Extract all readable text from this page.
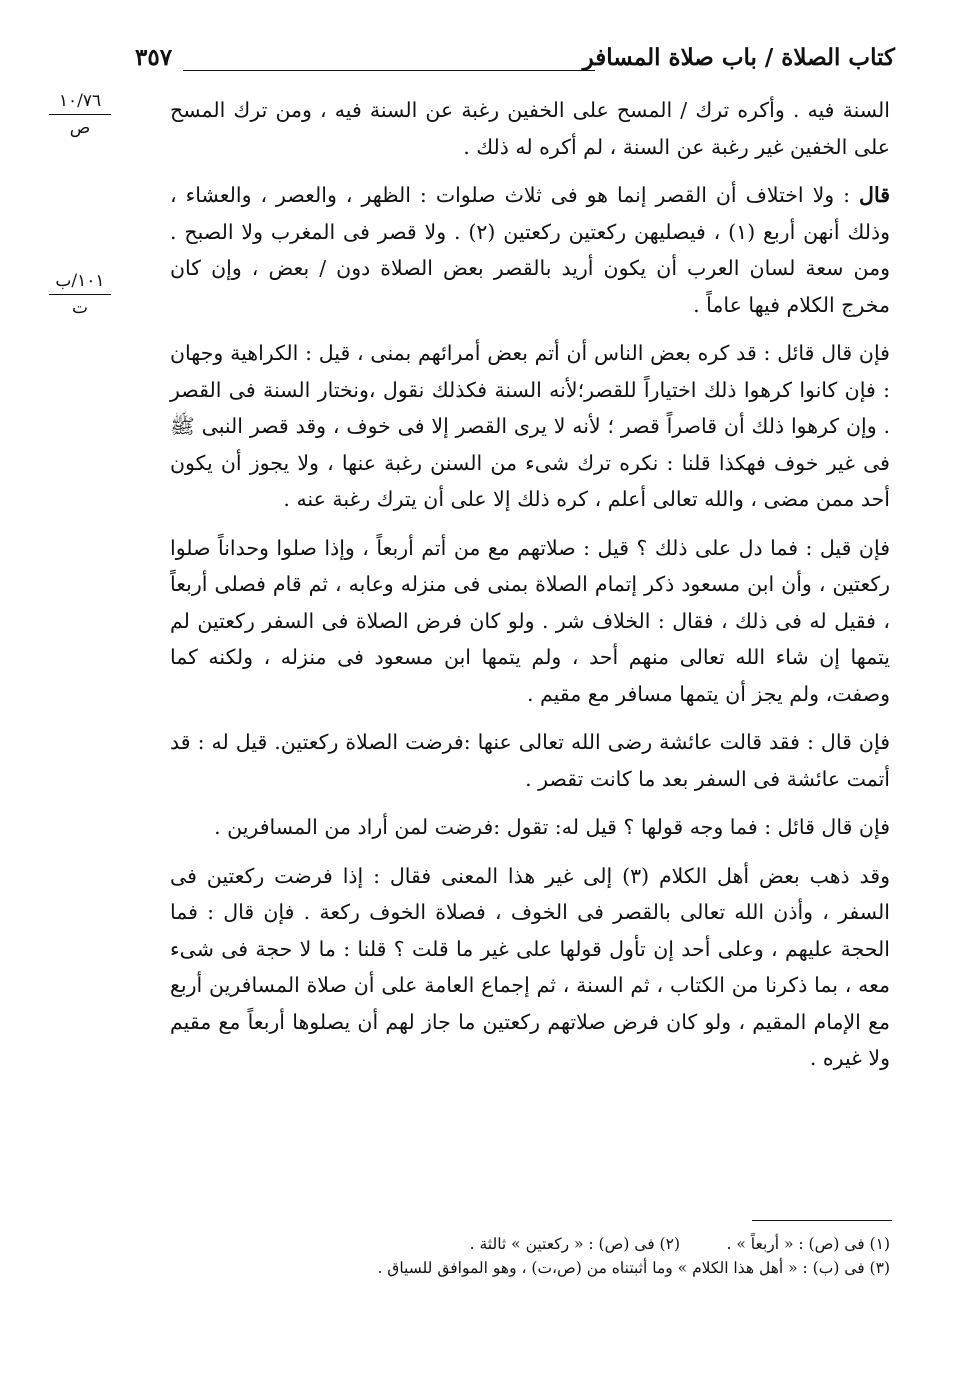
٣٥٧	كتاب الصلاة / باب صلاة المسافر
١٠/٧٦
ص
١٠١/ب
ت

السنة فيه . وأكره ترك / المسح على الخفين رغبة عن السنة فيه ، ومن ترك المسح على الخفين غير رغبة عن السنة ، لم أكره له ذلك .

قال : ولا اختلاف أن القصر إنما هو فى ثلاث صلوات : الظهر ، والعصر ، والعشاء ، وذلك أنهن أربع (١) ، فيصليهن ركعتين ركعتين (٢) . ولا قصر فى المغرب ولا الصبح . ومن سعة لسان العرب أن يكون أريد بالقصر بعض الصلاة دون / بعض ، وإن كان مخرج الكلام فيها عاماً .

فإن قال قائل : قد كره بعض الناس أن أتم بعض أمرائهم بمنى ، قيل : الكراهية وجهان : فإن كانوا كرهوا ذلك اختياراً للقصر؛لأنه السنة فكذلك نقول ،ونختار السنة فى القصر . وإن كرهوا ذلك أن قاصراً قصر ؛ لأنه لا يرى القصر إلا فى خوف ، وقد قصر النبى ﷺ فى غير خوف فهكذا قلنا : نكره ترك شىء من السنن رغبة عنها ، ولا يجوز أن يكون أحد ممن مضى ، والله تعالى أعلم ، كره ذلك إلا على أن يترك رغبة عنه .

فإن قيل : فما دل على ذلك ؟ قيل : صلاتهم مع من أتم أربعاً ، وإذا صلوا وحداناً صلوا ركعتين ، وأن ابن مسعود ذكر إتمام الصلاة بمنى فى منزله وعابه ، ثم قام فصلى أربعاً ، فقيل له فى ذلك ، فقال : الخلاف شر . ولو كان فرض الصلاة فى السفر ركعتين لم يتمها إن شاء الله تعالى منهم أحد ، ولم يتمها ابن مسعود فى منزله ، ولكنه كما وصفت، ولم يجز أن يتمها مسافر مع مقيم .

فإن قال : فقد قالت عائشة رضى الله تعالى عنها :فرضت الصلاة ركعتين. قيل له : قد أتمت عائشة فى السفر بعد ما كانت تقصر .

فإن قال قائل : فما وجه قولها ؟ قيل له: تقول :فرضت لمن أراد من المسافرين .

وقد ذهب بعض أهل الكلام (٣) إلى غير هذا المعنى فقال : إذا فرضت ركعتين فى السفر ، وأذن الله تعالى بالقصر فى الخوف ، فصلاة الخوف ركعة . فإن قال : فما الحجة عليهم ، وعلى أحد إن تأول قولها على غير ما قلت ؟ قلنا : ما لا حجة فى شىء معه ، بما ذكرنا من الكتاب ، ثم السنة ، ثم إجماع العامة على أن صلاة المسافرين أربع مع الإمام المقيم ، ولو كان فرض صلاتهم ركعتين ما جاز لهم أن يصلوها أربعاً مع مقيم ولا غيره .

(١) فى (ص) : « أربعاً » .
(٢) فى (ص) : « ركعتين » ثالثة .
(٣) فى (ب) : « أهل هذا الكلام » وما أثبتناه من (ص،ت) ، وهو الموافق للسياق .
